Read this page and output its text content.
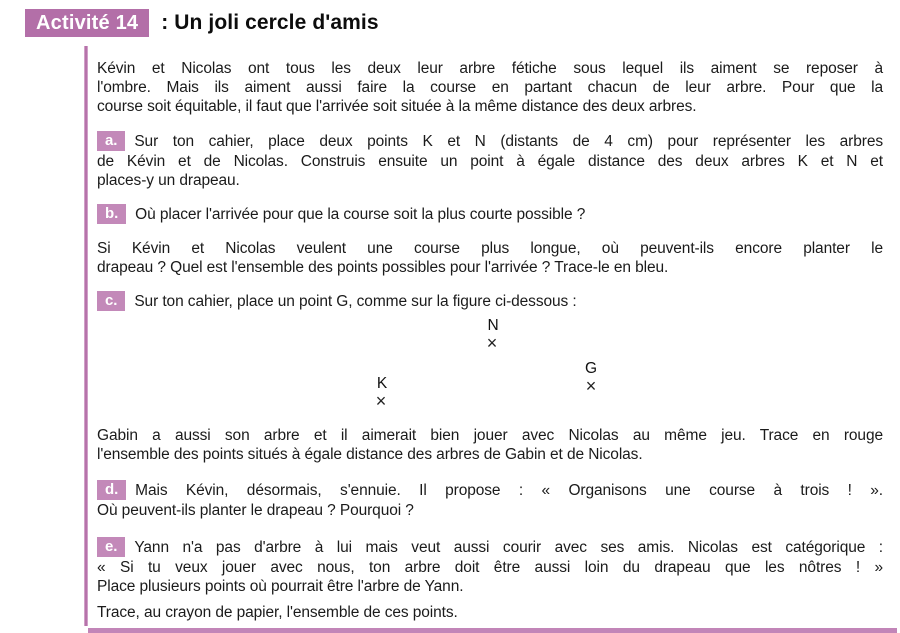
Activité 14	: Un joli cercle d'amis
Kévin et Nicolas ont tous les deux leur arbre fétiche sous lequel ils aiment se reposer à
l'ombre. Mais ils aiment aussi faire la course en partant chacun de leur arbre. Pour que la
course soit équitable, il faut que l'arrivée soit située à la même distance des deux arbres.
a. Sur ton cahier, place deux points K et N (distants de 4 cm) pour représenter les arbres
de Kévin et de Nicolas. Construis ensuite un point à égale distance des deux arbres K et N et
places-y un drapeau.
b. Où placer l'arrivée pour que la course soit la plus courte possible ?
Si Kévin et Nicolas veulent une course plus longue, où peuvent-ils encore planter le
drapeau ? Quel est l'ensemble des points possibles pour l'arrivée ? Trace-le en bleu.
c. Sur ton cahier, place un point G, comme sur la figure ci-dessous :
N
×
G
×
K
×
Gabin a aussi son arbre et il aimerait bien jouer avec Nicolas au même jeu. Trace en rouge
l'ensemble des points situés à égale distance des arbres de Gabin et de Nicolas.
d. Mais Kévin, désormais, s'ennuie. Il propose : « Organisons une course à trois ! ».
Où peuvent-ils planter le drapeau ? Pourquoi ?
e. Yann n'a pas d'arbre à lui mais veut aussi courir avec ses amis. Nicolas est catégorique :
« Si tu veux jouer avec nous, ton arbre doit être aussi loin du drapeau que les nôtres ! »
Place plusieurs points où pourrait être l'arbre de Yann.
Trace, au crayon de papier, l'ensemble de ces points.
